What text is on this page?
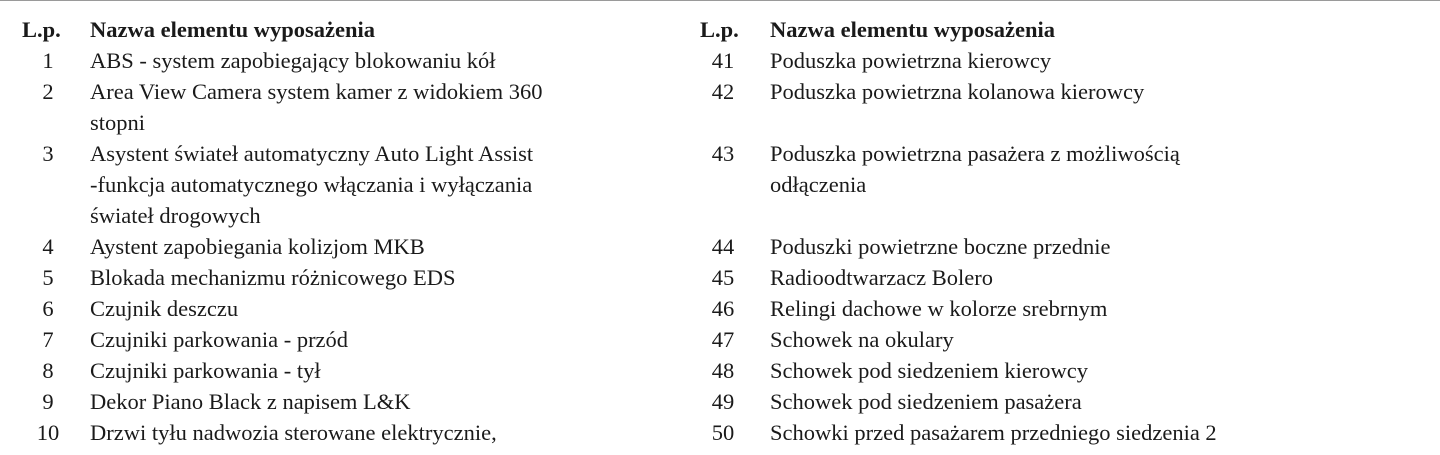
L.p.	Nazwa elementu wyposażenia
1	ABS - system zapobiegający blokowaniu kół
2	Area View Camera system kamer z widokiem 360
stopni
3	Asystent świateł automatyczny Auto Light Assist
-funkcja automatycznego włączania i wyłączania
świateł drogowych
4	Aystent zapobiegania kolizjom MKB
5	Blokada mechanizmu różnicowego EDS
6	Czujnik deszczu
7	Czujniki parkowania - przód
8	Czujniki parkowania - tył
9	Dekor Piano Black z napisem L&K
10	Drzwi tyłu nadwozia sterowane elektrycznie,
L.p.	Nazwa elementu wyposażenia
41	Poduszka powietrzna kierowcy
42	Poduszka powietrzna kolanowa kierowcy
43	Poduszka powietrzna pasażera z możliwością
odłączenia
44	Poduszki powietrzne boczne przednie
45	Radioodtwarzacz Bolero
46	Relingi dachowe w kolorze srebrnym
47	Schowek na okulary
48	Schowek pod siedzeniem kierowcy
49	Schowek pod siedzeniem pasażera
50	Schowki przed pasażarem przedniego siedzenia 2
